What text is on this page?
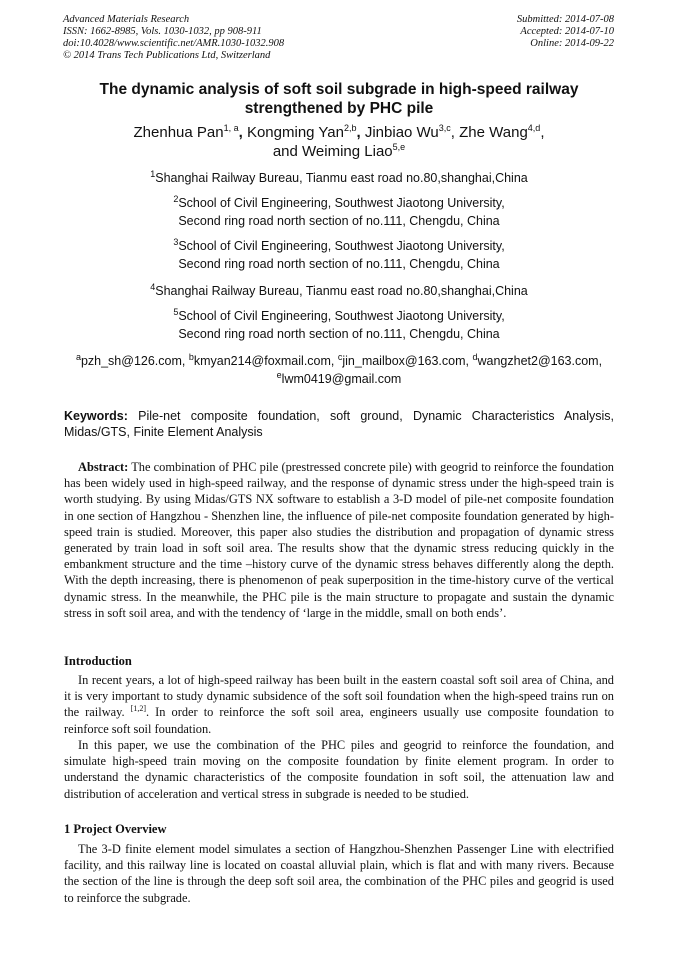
Advanced Materials Research
ISSN: 1662-8985, Vols. 1030-1032, pp 908-911
doi:10.4028/www.scientific.net/AMR.1030-1032.908
© 2014 Trans Tech Publications Ltd, Switzerland
Submitted: 2014-07-08
Accepted: 2014-07-10
Online: 2014-09-22
The dynamic analysis of soft soil subgrade in high-speed railway
strengthened by PHC pile
Zhenhua Pan$^{1, a}$, Kongming Yan$^{2,b}$, Jinbiao Wu$^{3,c}$, Zhe Wang$^{4,d}$,
and Weiming Liao$^{5,e}$
$^1$Shanghai Railway Bureau, Tianmu east road no.80,shanghai,China
$^2$School of Civil Engineering, Southwest Jiaotong University,
Second ring road north section of no.111, Chengdu, China
$^3$School of Civil Engineering, Southwest Jiaotong University,
Second ring road north section of no.111, Chengdu, China
$^4$Shanghai Railway Bureau, Tianmu east road no.80,shanghai,China
$^5$School of Civil Engineering, Southwest Jiaotong University,
Second ring road north section of no.111, Chengdu, China
$^a$pzh_sh@126.com, $^b$kmyan214@foxmail.com, $^c$jin_mailbox@163.com, $^d$wangzhet2@163.com,
$^e$lwm0419@gmail.com
Keywords: Pile-net composite foundation, soft ground, Dynamic Characteristics Analysis, Midas/GTS, Finite Element Analysis
Abstract: The combination of PHC pile (prestressed concrete pile) with geogrid to reinforce the foundation has been widely used in high-speed railway, and the response of dynamic stress under the high-speed train is worth studying. By using Midas/GTS NX software to establish a 3-D model of pile-net composite foundation in one section of Hangzhou - Shenzhen line, the influence of pile-net composite foundation generated by high-speed train is studied. Moreover, this paper also studies the distribution and propagation of dynamic stress generated by train load in soft soil area. The results show that the dynamic stress reducing quickly in the embankment structure and the time –history curve of the dynamic stress behaves differently along the depth. With the depth increasing, there is phenomenon of peak superposition in the time-history curve of the vertical dynamic stress. In the meanwhile, the PHC pile is the main structure to propagate and sustain the dynamic stress in soft soil area, and with the tendency of ‘large in the middle, small on both ends’.
Introduction
In recent years, a lot of high-speed railway has been built in the eastern coastal soft soil area of China, and it is very important to study dynamic subsidence of the soft soil foundation when the high-speed trains run on the railway. [1,2]. In order to reinforce the soft soil area, engineers usually use composite foundation to reinforce soft soil foundation.
In this paper, we use the combination of the PHC piles and geogrid to reinforce the foundation, and simulate high-speed train moving on the composite foundation by finite element program. In order to understand the dynamic characteristics of the composite foundation in soft soil, the attenuation law and distribution of acceleration and vertical stress in subgrade is needed to be studied.
1 Project Overview
The 3-D finite element model simulates a section of Hangzhou-Shenzhen Passenger Line with electrified facility, and this railway line is located on coastal alluvial plain, which is flat and with many rivers. Because the section of the line is through the deep soft soil area, the combination of the PHC piles and geogrid is used to reinforce the subgrade.
